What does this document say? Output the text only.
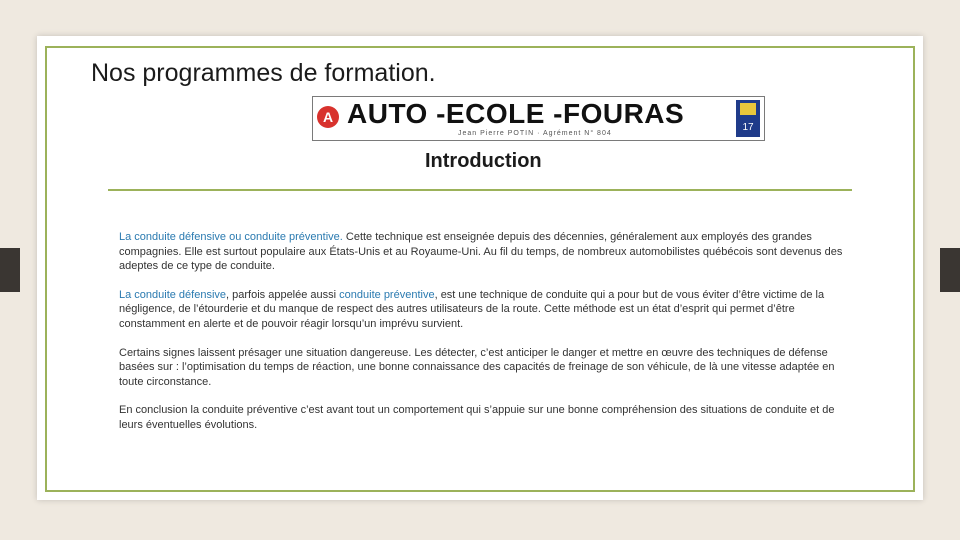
Nos programmes de formation.
A AUTO -ECOLE -FOURAS
Jean Pierre POTIN · Agrément N° 804
17
Introduction

La conduite défensive ou conduite préventive. Cette technique est enseignée depuis des décennies, généralement aux employés des grandes compagnies. Elle est surtout populaire aux États-Unis et au Royaume-Uni. Au fil du temps, de nombreux automobilistes québécois sont devenus des adeptes de ce type de conduite.

La conduite défensive, parfois appelée aussi conduite préventive, est une technique de conduite qui a pour but de vous éviter d’être victime de la négligence, de l’étourderie et du manque de respect des autres utilisateurs de la route. Cette méthode est un état d’esprit qui permet d’être constamment en alerte et de pouvoir réagir lorsqu’un imprévu survient.

Certains signes laissent présager une situation dangereuse. Les détecter, c’est anticiper le danger et mettre en œuvre des techniques de défense basées sur : l’optimisation du temps de réaction, une bonne connaissance des capacités de freinage de son véhicule, de là une vitesse adaptée en toute circonstance.

En conclusion la conduite préventive c’est avant tout un comportement qui s’appuie sur une bonne compréhension des situations de conduite et de leurs éventuelles évolutions.
